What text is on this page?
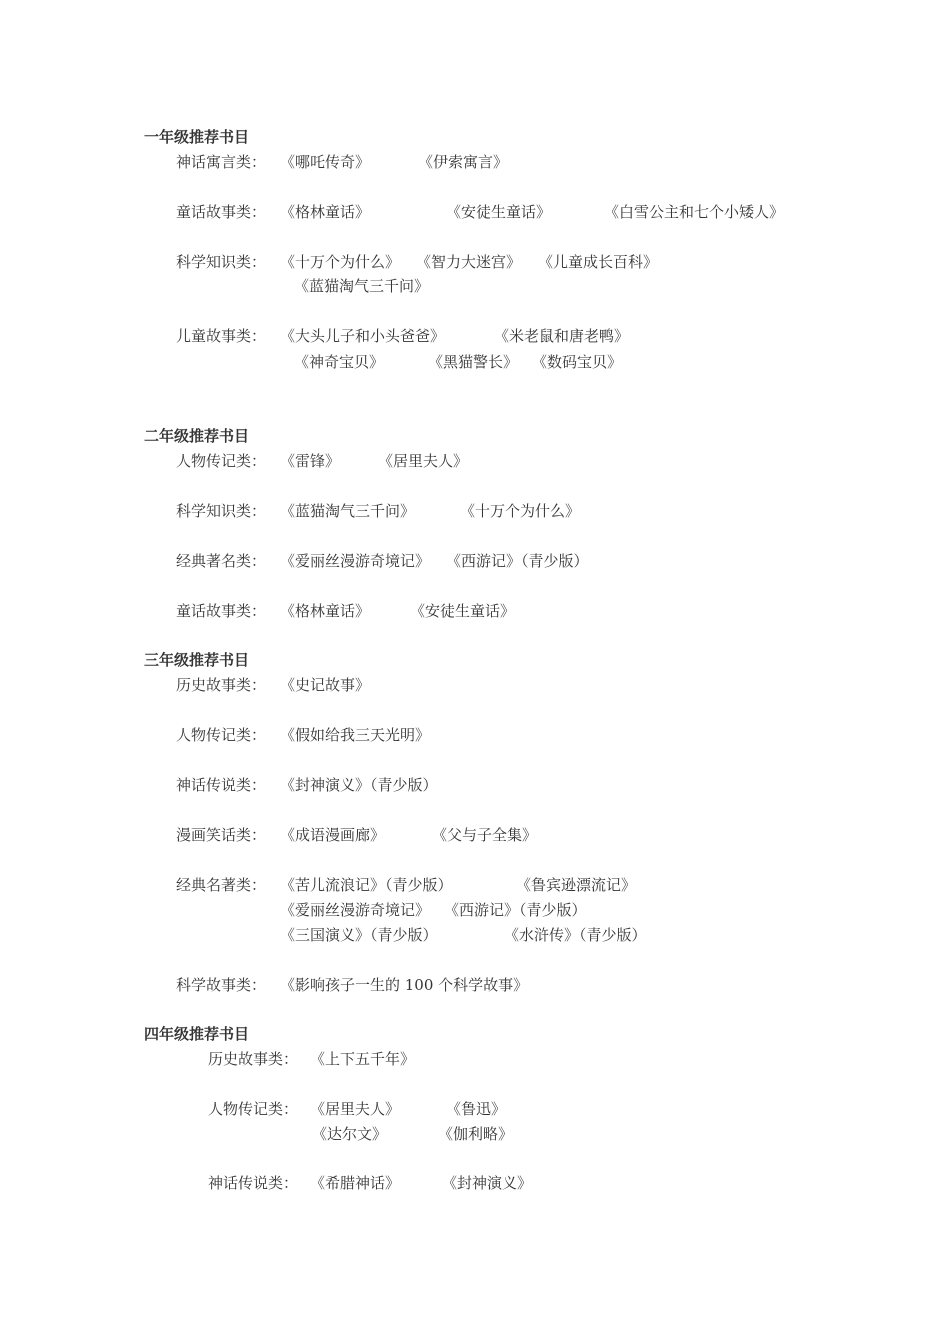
一年级推荐书目
神话寓言类： 《哪吒传奇》	《伊索寓言》
童话故事类： 《格林童话》	《安徒生童话》	《白雪公主和七个小矮人》
科学知识类： 《十万个为什么》 《智力大迷宫》 《儿童成长百科》
《蓝猫淘气三千问》
儿童故事类： 《大头儿子和小头爸爸》	《米老鼠和唐老鸭》
《神奇宝贝》	《黑猫警长》 《数码宝贝》
二年级推荐书目
人物传记类： 《雷锋》	《居里夫人》
科学知识类： 《蓝猫淘气三千问》	《十万个为什么》
经典著名类： 《爱丽丝漫游奇境记》 《西游记》（青少版）
童话故事类： 《格林童话》	《安徒生童话》
三年级推荐书目
历史故事类： 《史记故事》
人物传记类： 《假如给我三天光明》
神话传说类： 《封神演义》（青少版）
漫画笑话类： 《成语漫画廊》	《父与子全集》
经典名著类： 《苦儿流浪记》（青少版）	《鲁宾逊漂流记》
《爱丽丝漫游奇境记》 《西游记》（青少版）
《三国演义》（青少版）	《水浒传》（青少版）
科学故事类： 《影响孩子一生的 100 个科学故事》
四年级推荐书目
历史故事类： 《上下五千年》
人物传记类： 《居里夫人》	《鲁迅》
《达尔文》	《伽利略》
神话传说类： 《希腊神话》	《封神演义》
